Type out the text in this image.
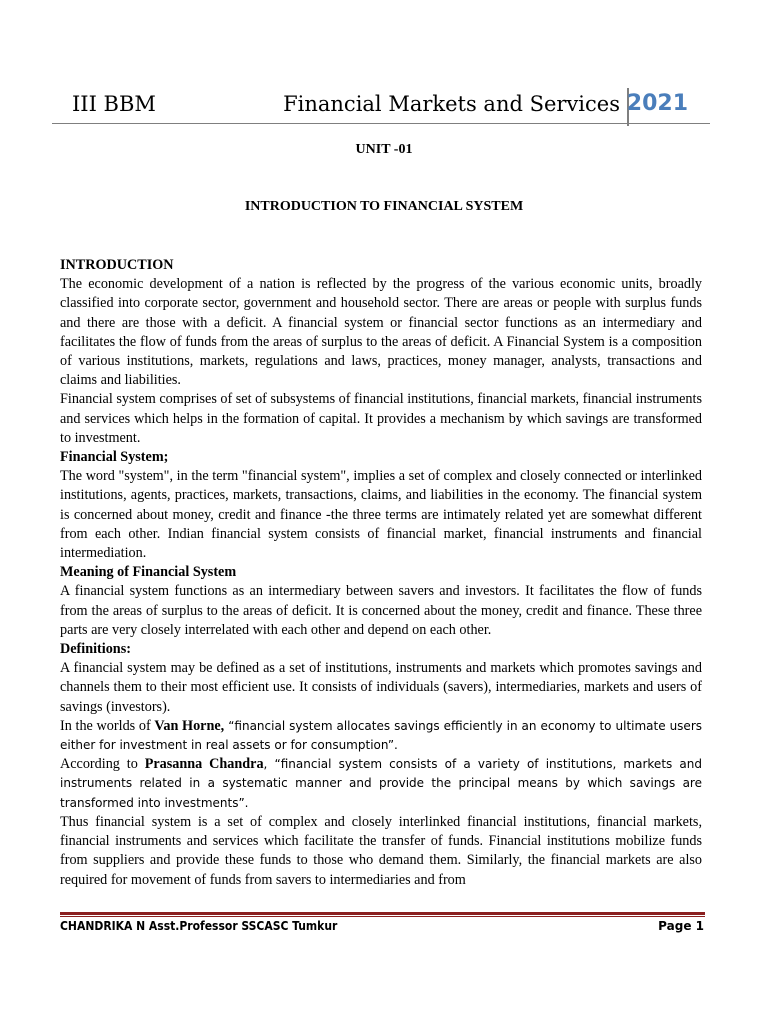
III BBM	Financial Markets and Services 2021
UNIT -01
INTRODUCTION TO FINANCIAL SYSTEM

INTRODUCTION

The economic development of a nation is reflected by the progress of the various economic units, broadly classified into corporate sector, government and household sector. There are areas or people with surplus funds and there are those with a deficit. A financial system or financial sector functions as an intermediary and facilitates the flow of funds from the areas of surplus to the areas of deficit. A Financial System is a composition of various institutions, markets, regulations and laws, practices, money manager, analysts, transactions and claims and liabilities.

Financial system comprises of set of subsystems of financial institutions, financial markets, financial instruments and services which helps in the formation of capital. It provides a mechanism by which savings are transformed to investment.

Financial System;

The word "system", in the term "financial system", implies a set of complex and closely connected or interlinked institutions, agents, practices, markets, transactions, claims, and liabilities in the economy. The financial system is concerned about money, credit and finance -the three terms are intimately related yet are somewhat different from each other. Indian financial system consists of financial market, financial instruments and financial intermediation.

Meaning of Financial System

A financial system functions as an intermediary between savers and investors. It facilitates the flow of funds from the areas of surplus to the areas of deficit. It is concerned about the money, credit and finance. These three parts are very closely interrelated with each other and depend on each other.

Definitions:

A financial system may be defined as a set of institutions, instruments and markets which promotes savings and channels them to their most efficient use. It consists of individuals (savers), intermediaries, markets and users of savings (investors).

In the worlds of Van Horne, “financial system allocates savings efficiently in an economy to ultimate users either for investment in real assets or for consumption”.

According to Prasanna Chandra, “financial system consists of a variety of institutions, markets and instruments related in a systematic manner and provide the principal means by which savings are transformed into investments”.

Thus financial system is a set of complex and closely interlinked financial institutions, financial markets, financial instruments and services which facilitate the transfer of funds. Financial institutions mobilize funds from suppliers and provide these funds to those who demand them. Similarly, the financial markets are also required for movement of funds from savers to intermediaries and from

CHANDRIKA N Asst.Professor SSCASC Tumkur	Page 1
